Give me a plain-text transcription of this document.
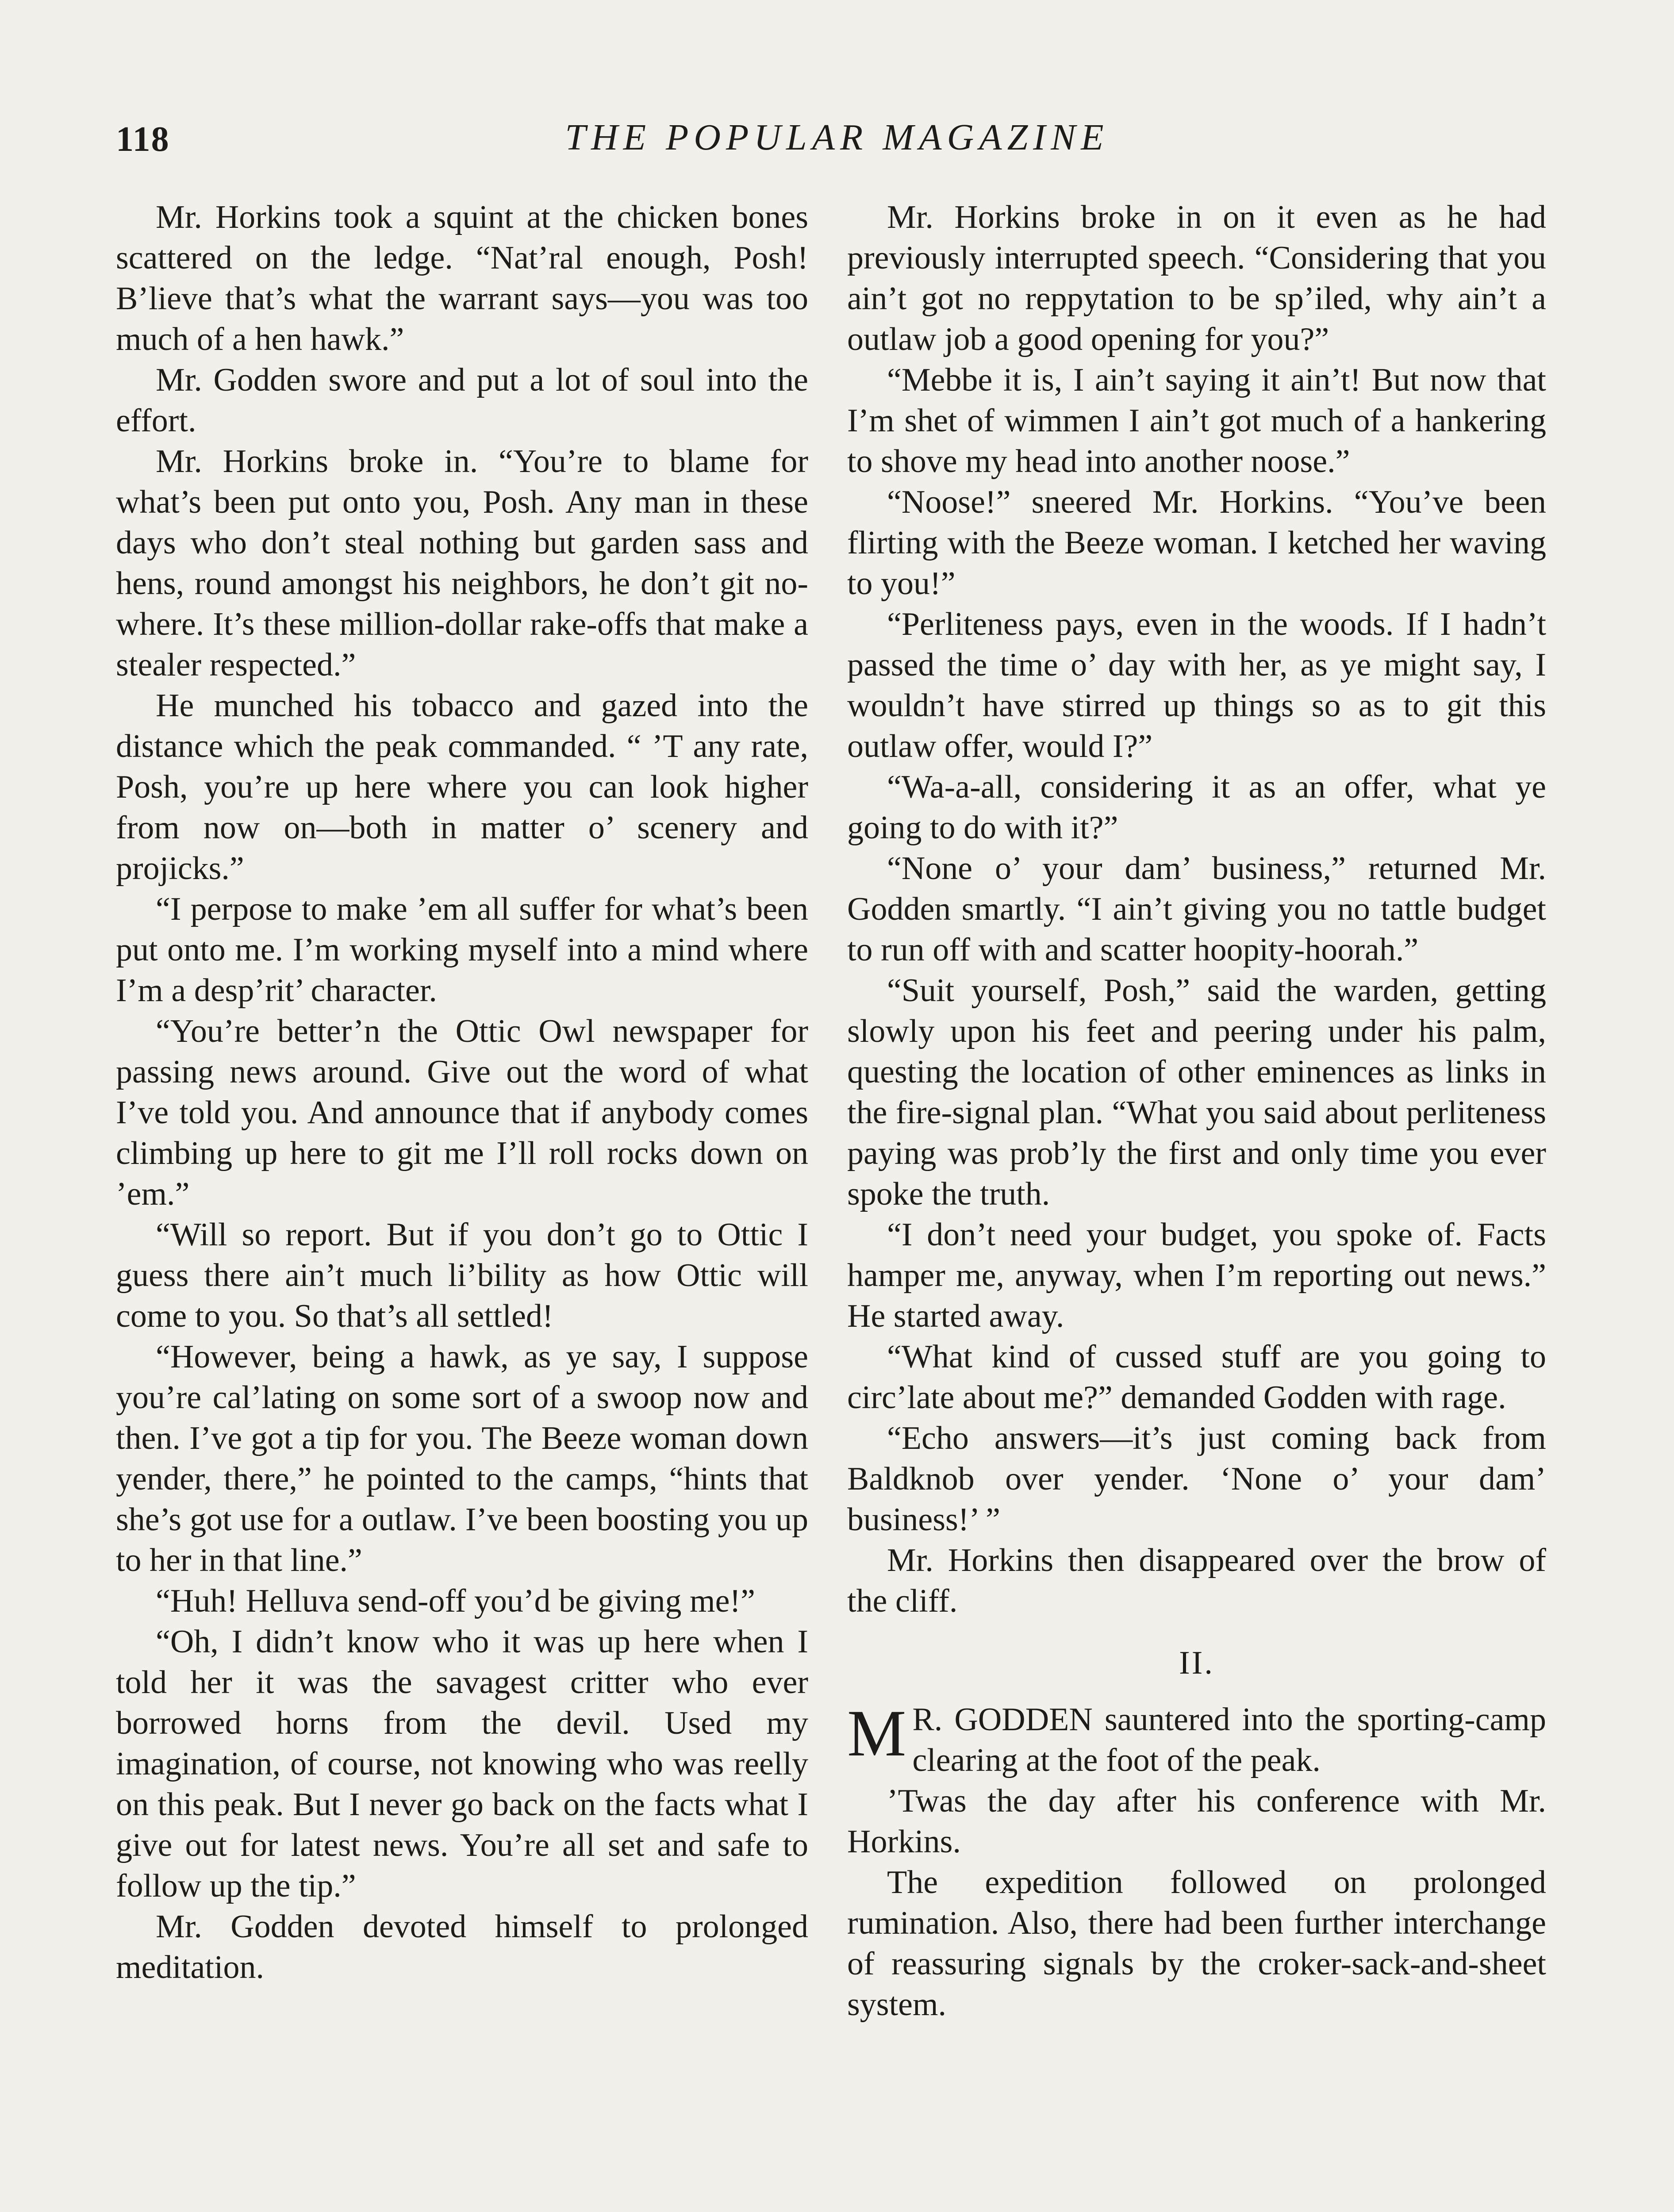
118	THE POPULAR MAGAZINE

Mr. Horkins took a squint at the chicken bones scattered on the ledge. “Nat’ral enough, Posh! B’lieve that’s what the warrant says—you was too much of a hen hawk.”

Mr. Godden swore and put a lot of soul into the effort.

Mr. Horkins broke in. “You’re to blame for what’s been put onto you, Posh. Any man in these days who don’t steal nothing but garden sass and hens, round amongst his neighbors, he don’t git nowhere. It’s these million-dollar rake-offs that make a stealer respected.”

He munched his tobacco and gazed into the distance which the peak commanded. “ ’T any rate, Posh, you’re up here where you can look higher from now on—both in matter o’ scenery and projicks.”

“I perpose to make ’em all suffer for what’s been put onto me. I’m working myself into a mind where I’m a desp’rit’ character.

“You’re better’n the Ottic Owl newspaper for passing news around. Give out the word of what I’ve told you. And announce that if anybody comes climbing up here to git me I’ll roll rocks down on ’em.”

“Will so report. But if you don’t go to Ottic I guess there ain’t much li’bility as how Ottic will come to you. So that’s all settled!

“However, being a hawk, as ye say, I suppose you’re cal’lating on some sort of a swoop now and then. I’ve got a tip for you. The Beeze woman down yender, there,” he pointed to the camps, “hints that she’s got use for a outlaw. I’ve been boosting you up to her in that line.”

“Huh! Helluva send-off you’d be giving me!”

“Oh, I didn’t know who it was up here when I told her it was the savagest critter who ever borrowed horns from the devil. Used my imagination, of course, not knowing who was reelly on this peak. But I never go back on the facts what I give out for latest news. You’re all set and safe to follow up the tip.”

Mr. Godden devoted himself to prolonged meditation.

Mr. Horkins broke in on it even as he had previously interrupted speech. “Considering that you ain’t got no reppytation to be sp’iled, why ain’t a outlaw job a good opening for you?”

“Mebbe it is, I ain’t saying it ain’t! But now that I’m shet of wimmen I ain’t got much of a hankering to shove my head into another noose.”

“Noose!” sneered Mr. Horkins. “You’ve been flirting with the Beeze woman. I ketched her waving to you!”

“Perliteness pays, even in the woods. If I hadn’t passed the time o’ day with her, as ye might say, I wouldn’t have stirred up things so as to git this outlaw offer, would I?”

“Wa-a-all, considering it as an offer, what ye going to do with it?”

“None o’ your dam’ business,” returned Mr. Godden smartly. “I ain’t giving you no tattle budget to run off with and scatter hoopity-hoorah.”

“Suit yourself, Posh,” said the warden, getting slowly upon his feet and peering under his palm, questing the location of other eminences as links in the fire-signal plan. “What you said about perliteness paying was prob’ly the first and only time you ever spoke the truth.

“I don’t need your budget, you spoke of. Facts hamper me, anyway, when I’m reporting out news.” He started away.

“What kind of cussed stuff are you going to circ’late about me?” demanded Godden with rage.

“Echo answers—it’s just coming back from Baldknob over yender. ‘None o’ your dam’ business!’ ”

Mr. Horkins then disappeared over the brow of the cliff.

II.

M R. GODDEN sauntered into the sporting-camp clearing at the foot of the peak.

’Twas the day after his conference with Mr. Horkins.

The expedition followed on prolonged rumination. Also, there had been further interchange of reassuring signals by the croker-sack-and-sheet system.
